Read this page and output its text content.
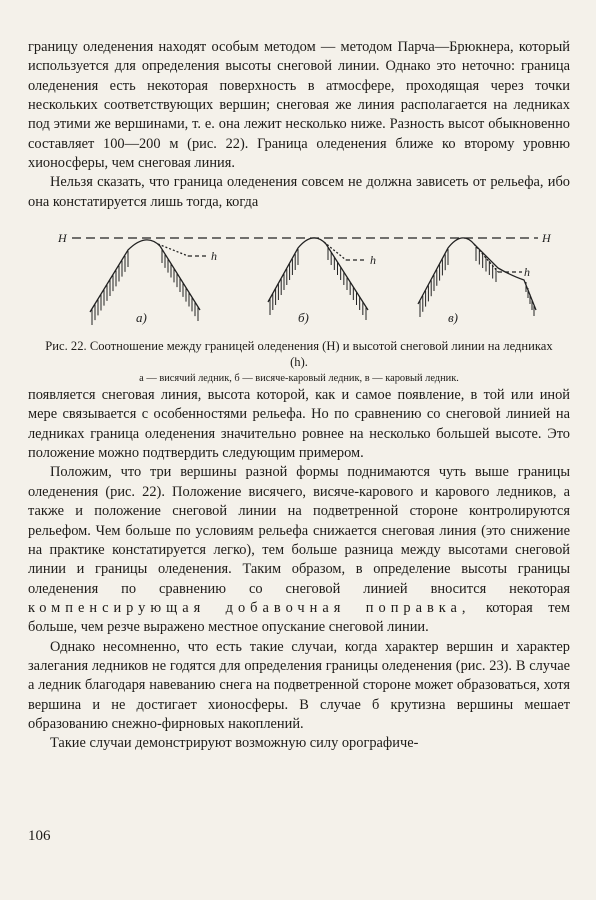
границу оледенения находят особым методом — методом Парча—Брюкнера, который используется для определения высоты снеговой линии. Однако это неточно: граница оледенения есть некоторая поверхность в атмосфере, проходящая через точки нескольких соответствующих вершин; снеговая же линия располагается на ледниках под этими же вершинами, т. е. она лежит несколько ниже. Разность высот обыкновенно составляет 100—200 м (рис. 22). Граница оледенения ближе ко второму уровню хионосферы, чем снеговая линия.

Нельзя сказать, что граница оледенения совсем не должна зависеть от рельефа, ибо она констатируется лишь тогда, когда

H	H
h
а)
h
б)
h
в)

Рис. 22. Соотношение между границей оледенения (H) и высотой снеговой линии на ледниках (h).
а — висячий ледник, б — висяче-каровый ледник, в — каровый ледник.

появляется снеговая линия, высота которой, как и самое появление, в той или иной мере связывается с особенностями рельефа. Но по сравнению со снеговой линией на ледниках граница оледенения значительно ровнее на несколько большей высоте. Это положение можно подтвердить следующим примером.

Положим, что три вершины разной формы поднимаются чуть выше границы оледенения (рис. 22). Положение висячего, висяче-карового и карового ледников, а также и положение снеговой линии на подветренной стороне контролируются рельефом. Чем больше по условиям рельефа снижается снеговая линия (это снижение на практике констатируется легко), тем больше разница между высотами снеговой линии и границы оледенения. Таким образом, в определение высоты границы оледенения по сравнению со снеговой линией вносится некоторая компенсирующая добавочная поправка, которая тем больше, чем резче выражено местное опускание снеговой линии.

Однако несомненно, что есть такие случаи, когда характер вершин и характер залегания ледников не годятся для определения границы оледенения (рис. 23). В случае а ледник благодаря навеванию снега на подветренной стороне может образоваться, хотя вершина и не достигает хионосферы. В случае б крутизна вершины мешает образованию снежно-фирновых накоплений.

Такие случаи демонстрируют возможную силу орографиче-

106
